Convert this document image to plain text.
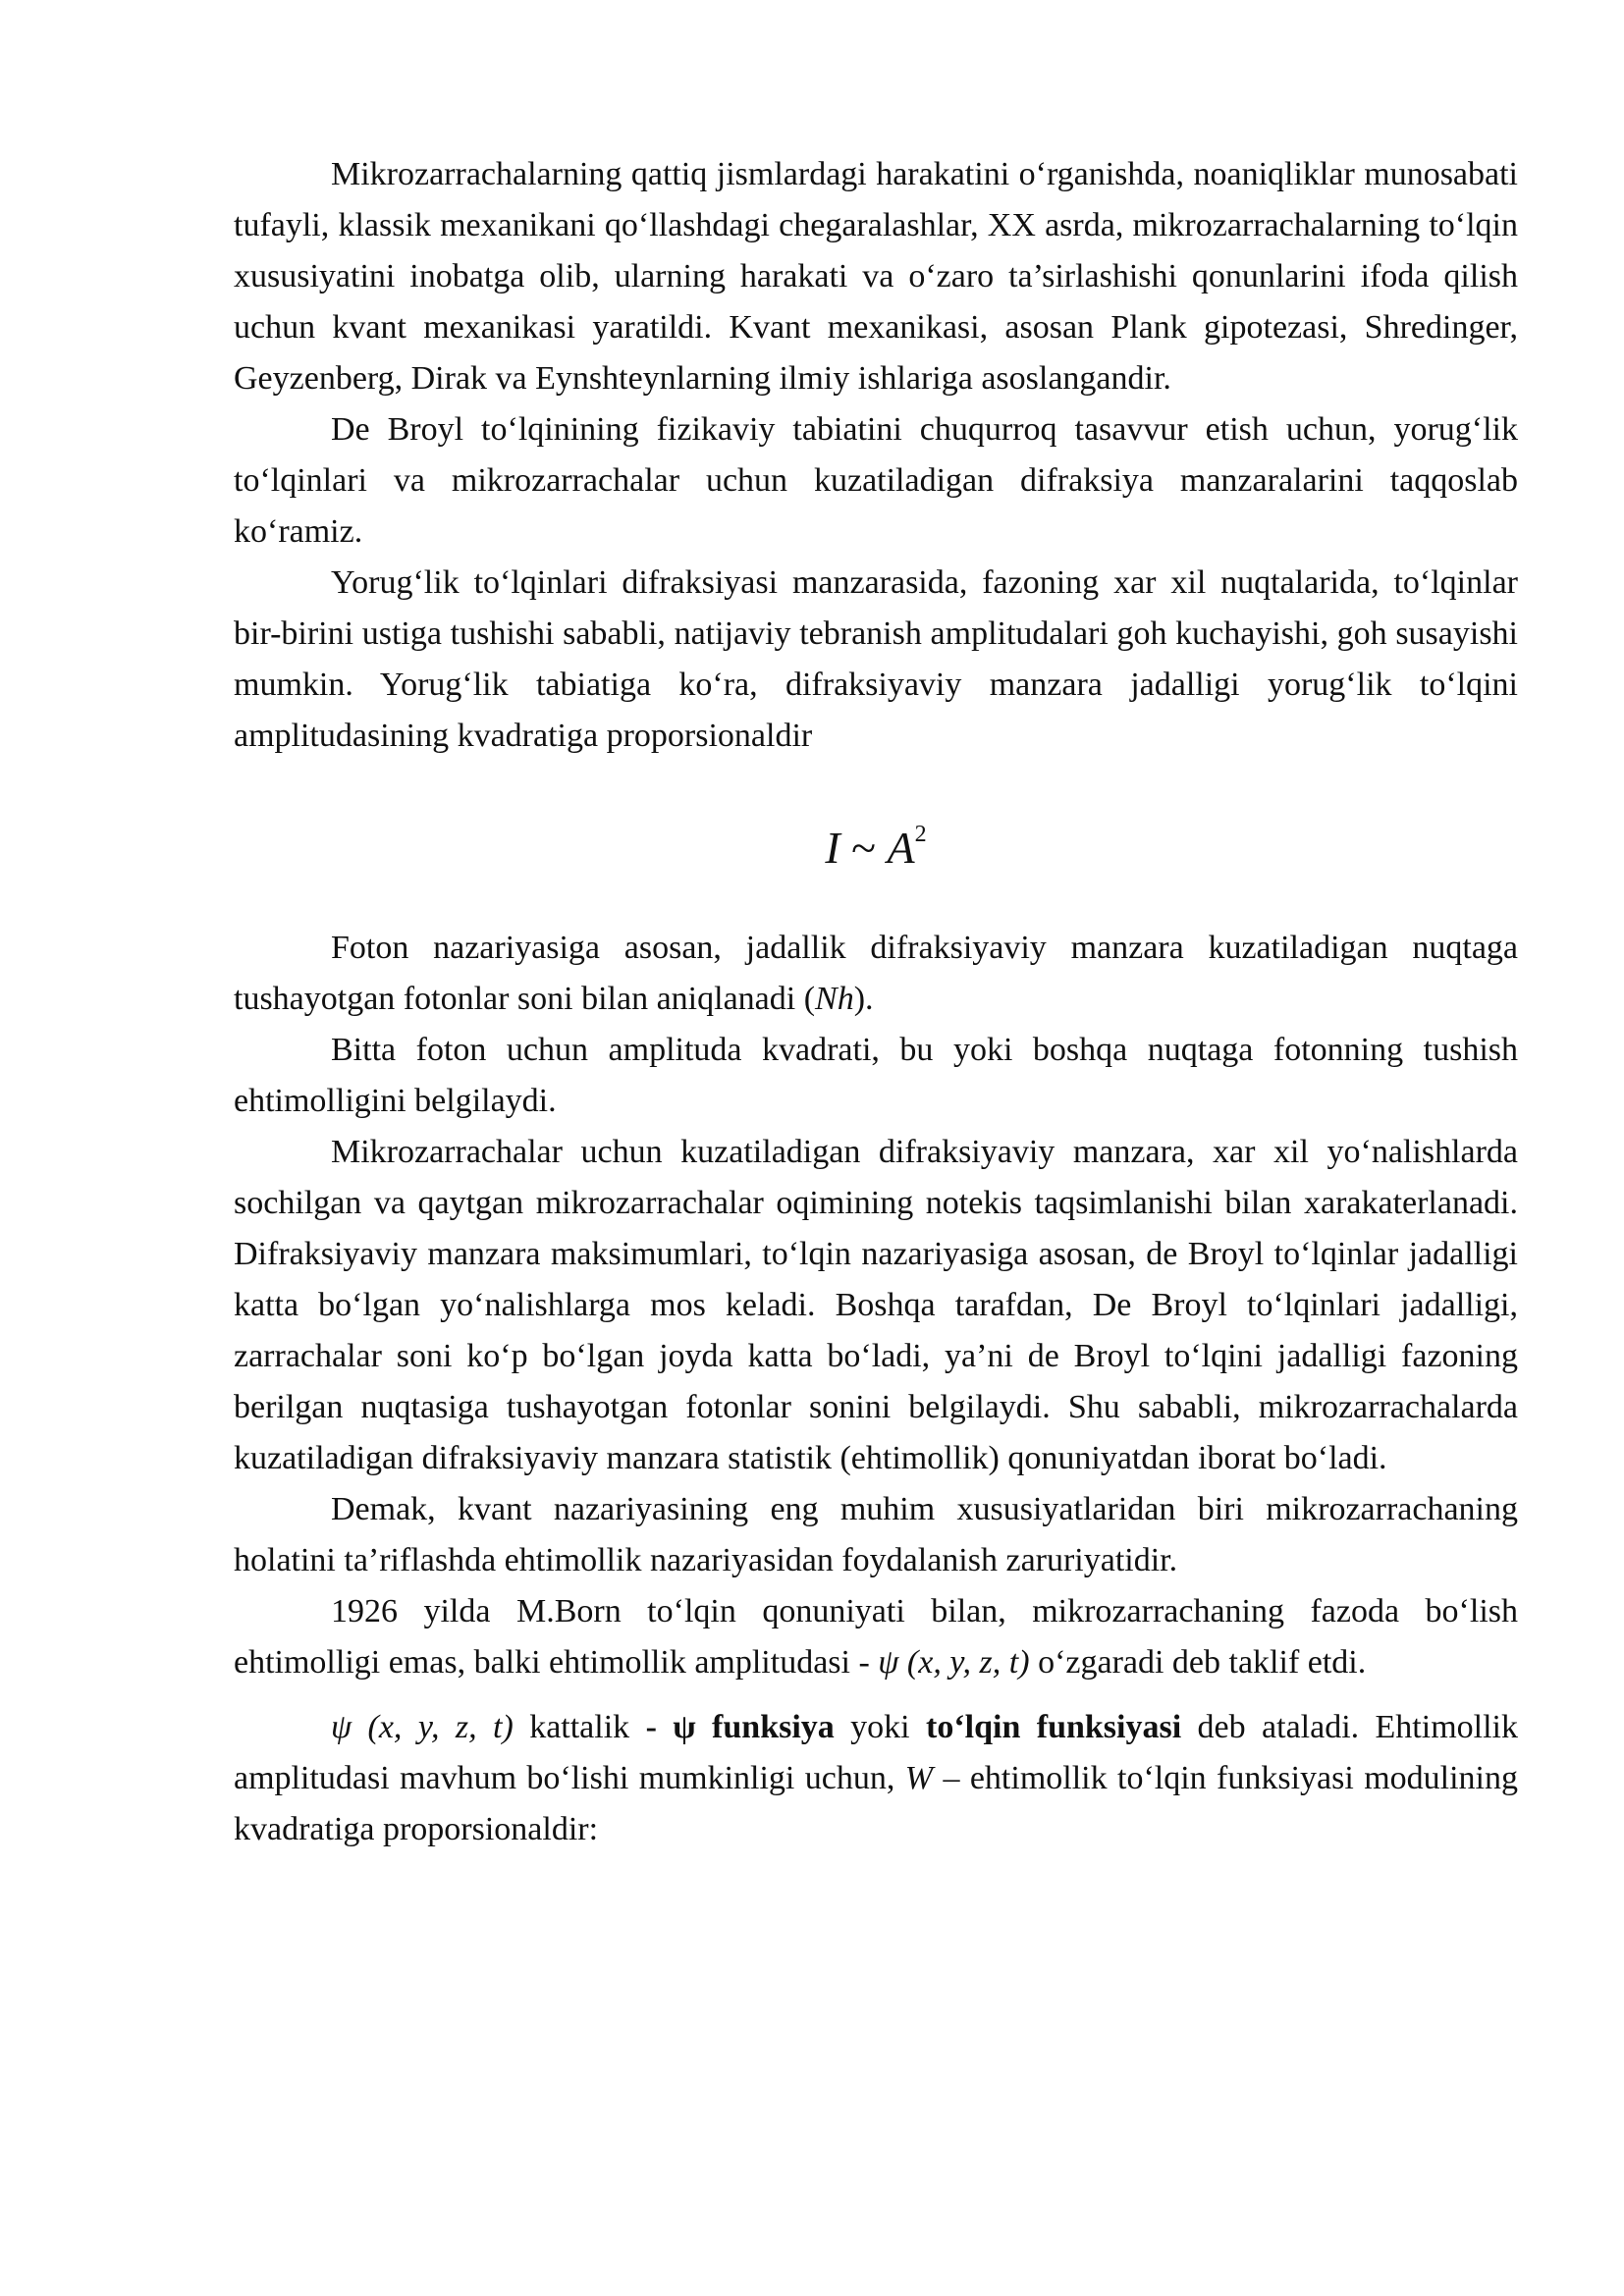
Mikrozarrachalarning qattiq jismlardagi harakatini o‘rganishda, noaniqliklar munosabati tufayli, klassik mexanikani qo‘llashdagi chegaralashlar, XX asrda, mikrozarrachalarning to‘lqin xususiyatini inobatga olib, ularning harakati va o‘zaro ta’sirlashishi qonunlarini ifoda qilish uchun kvant mexanikasi yaratildi. Kvant mexanikasi, asosan Plank gipotezasi, Shredinger, Geyzenberg, Dirak va Eynshteynlarning ilmiy ishlariga asoslangandir.

De Broyl to‘lqinining fizikaviy tabiatini chuqurroq tasavvur etish uchun, yorug‘lik to‘lqinlari va mikrozarrachalar uchun kuzatiladigan difraksiya manzaralarini taqqoslab ko‘ramiz.

Yorug‘lik to‘lqinlari difraksiyasi manzarasida, fazoning xar xil nuqtalarida, to‘lqinlar bir-birini ustiga tushishi sababli, natijaviy tebranish amplitudalari goh kuchayishi, goh susayishi mumkin. Yorug‘lik tabiatiga ko‘ra, difraksiyaviy manzara jadalligi yorug‘lik to‘lqini amplitudasining kvadratiga proporsionaldir

I ~ $A^2$

Foton nazariyasiga asosan, jadallik difraksiyaviy manzara kuzatiladigan nuqtaga tushayotgan fotonlar soni bilan aniqlanadi (Nh).

Bitta foton uchun amplituda kvadrati, bu yoki boshqa nuqtaga fotonning tushish ehtimolligini belgilaydi.

Mikrozarrachalar uchun kuzatiladigan difraksiyaviy manzara, xar xil yo‘nalishlarda sochilgan va qaytgan mikrozarrachalar oqimining notekis taqsimlanishi bilan xarakaterlanadi. Difraksiyaviy manzara maksimumlari, to‘lqin nazariyasiga asosan, de Broyl to‘lqinlar jadalligi katta bo‘lgan yo‘nalishlarga mos keladi. Boshqa tarafdan, De Broyl to‘lqinlari jadalligi, zarrachalar soni ko‘p bo‘lgan joyda katta bo‘ladi, ya’ni de Broyl to‘lqini jadalligi fazoning berilgan nuqtasiga tushayotgan fotonlar sonini belgilaydi. Shu sababli, mikrozarrachalarda kuzatiladigan difraksiyaviy manzara statistik (ehtimollik) qonuniyatdan iborat bo‘ladi.

Demak, kvant nazariyasining eng muhim xususiyatlaridan biri mikrozarrachaning holatini ta’riflashda ehtimollik nazariyasidan foydalanish zaruriyatidir.

1926 yilda M.Born to‘lqin qonuniyati bilan, mikrozarrachaning fazoda bo‘lish ehtimolligi emas, balki ehtimollik amplitudasi - ψ (x, y, z, t) o‘zgaradi deb taklif etdi.

ψ (x, y, z, t) kattalik - ψ funksiya yoki to‘lqin funksiyasi deb ataladi. Ehtimollik amplitudasi mavhum bo‘lishi mumkinligi uchun, W – ehtimollik to‘lqin funksiyasi modulining kvadratiga proporsionaldir:
